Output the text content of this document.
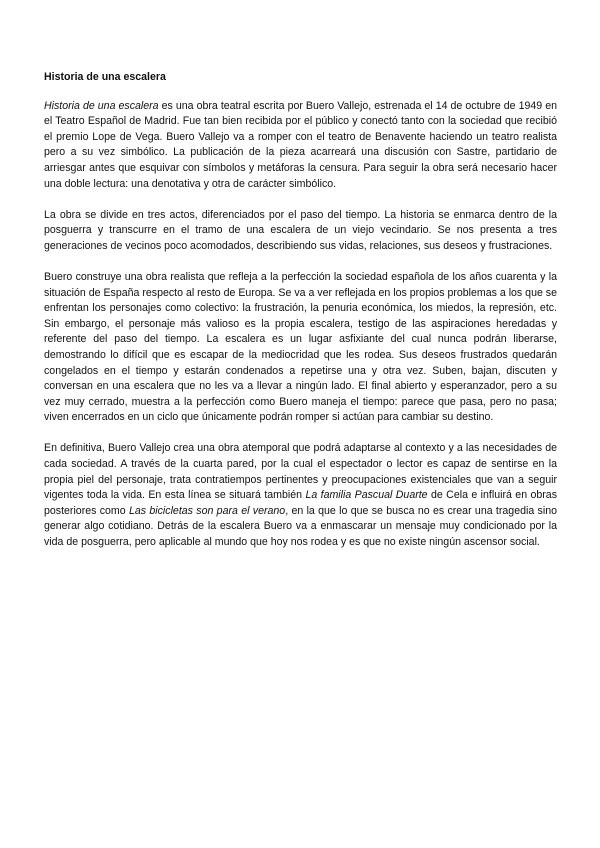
Historia de una escalera

Historia de una escalera es una obra teatral escrita por Buero Vallejo, estrenada el 14 de octubre de 1949 en el Teatro Español de Madrid. Fue tan bien recibida por el público y conectó tanto con la sociedad que recibió el premio Lope de Vega. Buero Vallejo va a romper con el teatro de Benavente haciendo un teatro realista pero a su vez simbólico. La publicación de la pieza acarreará una discusión con Sastre, partidario de arriesgar antes que esquivar con símbolos y metáforas la censura. Para seguir la obra será necesario hacer una doble lectura: una denotativa y otra de carácter simbólico.

La obra se divide en tres actos, diferenciados por el paso del tiempo. La historia se enmarca dentro de la posguerra y transcurre en el tramo de una escalera de un viejo vecindario. Se nos presenta a tres generaciones de vecinos poco acomodados, describiendo sus vidas, relaciones, sus deseos y frustraciones.

Buero construye una obra realista que refleja a la perfección la sociedad española de los años cuarenta y la situación de España respecto al resto de Europa. Se va a ver reflejada en los propios problemas a los que se enfrentan los personajes como colectivo: la frustración, la penuria económica, los miedos, la represión, etc. Sin embargo, el personaje más valioso es la propia escalera, testigo de las aspiraciones heredadas y referente del paso del tiempo. La escalera es un lugar asfixiante del cual nunca podrán liberarse, demostrando lo difícil que es escapar de la mediocridad que les rodea. Sus deseos frustrados quedarán congelados en el tiempo y estarán condenados a repetirse una y otra vez. Suben, bajan, discuten y conversan en una escalera que no les va a llevar a ningún lado. El final abierto y esperanzador, pero a su vez muy cerrado, muestra a la perfección como Buero maneja el tiempo: parece que pasa, pero no pasa; viven encerrados en un ciclo que únicamente podrán romper si actúan para cambiar su destino.

En definitiva, Buero Vallejo crea una obra atemporal que podrá adaptarse al contexto y a las necesidades de cada sociedad. A través de la cuarta pared, por la cual el espectador o lector es capaz de sentirse en la propia piel del personaje, trata contratiempos pertinentes y preocupaciones existenciales que van a seguir vigentes toda la vida. En esta línea se situará también La familia Pascual Duarte de Cela e influirá en obras posteriores como Las bicicletas son para el verano, en la que lo que se busca no es crear una tragedia sino generar algo cotidiano. Detrás de la escalera Buero va a enmascarar un mensaje muy condicionado por la vida de posguerra, pero aplicable al mundo que hoy nos rodea y es que no existe ningún ascensor social.
